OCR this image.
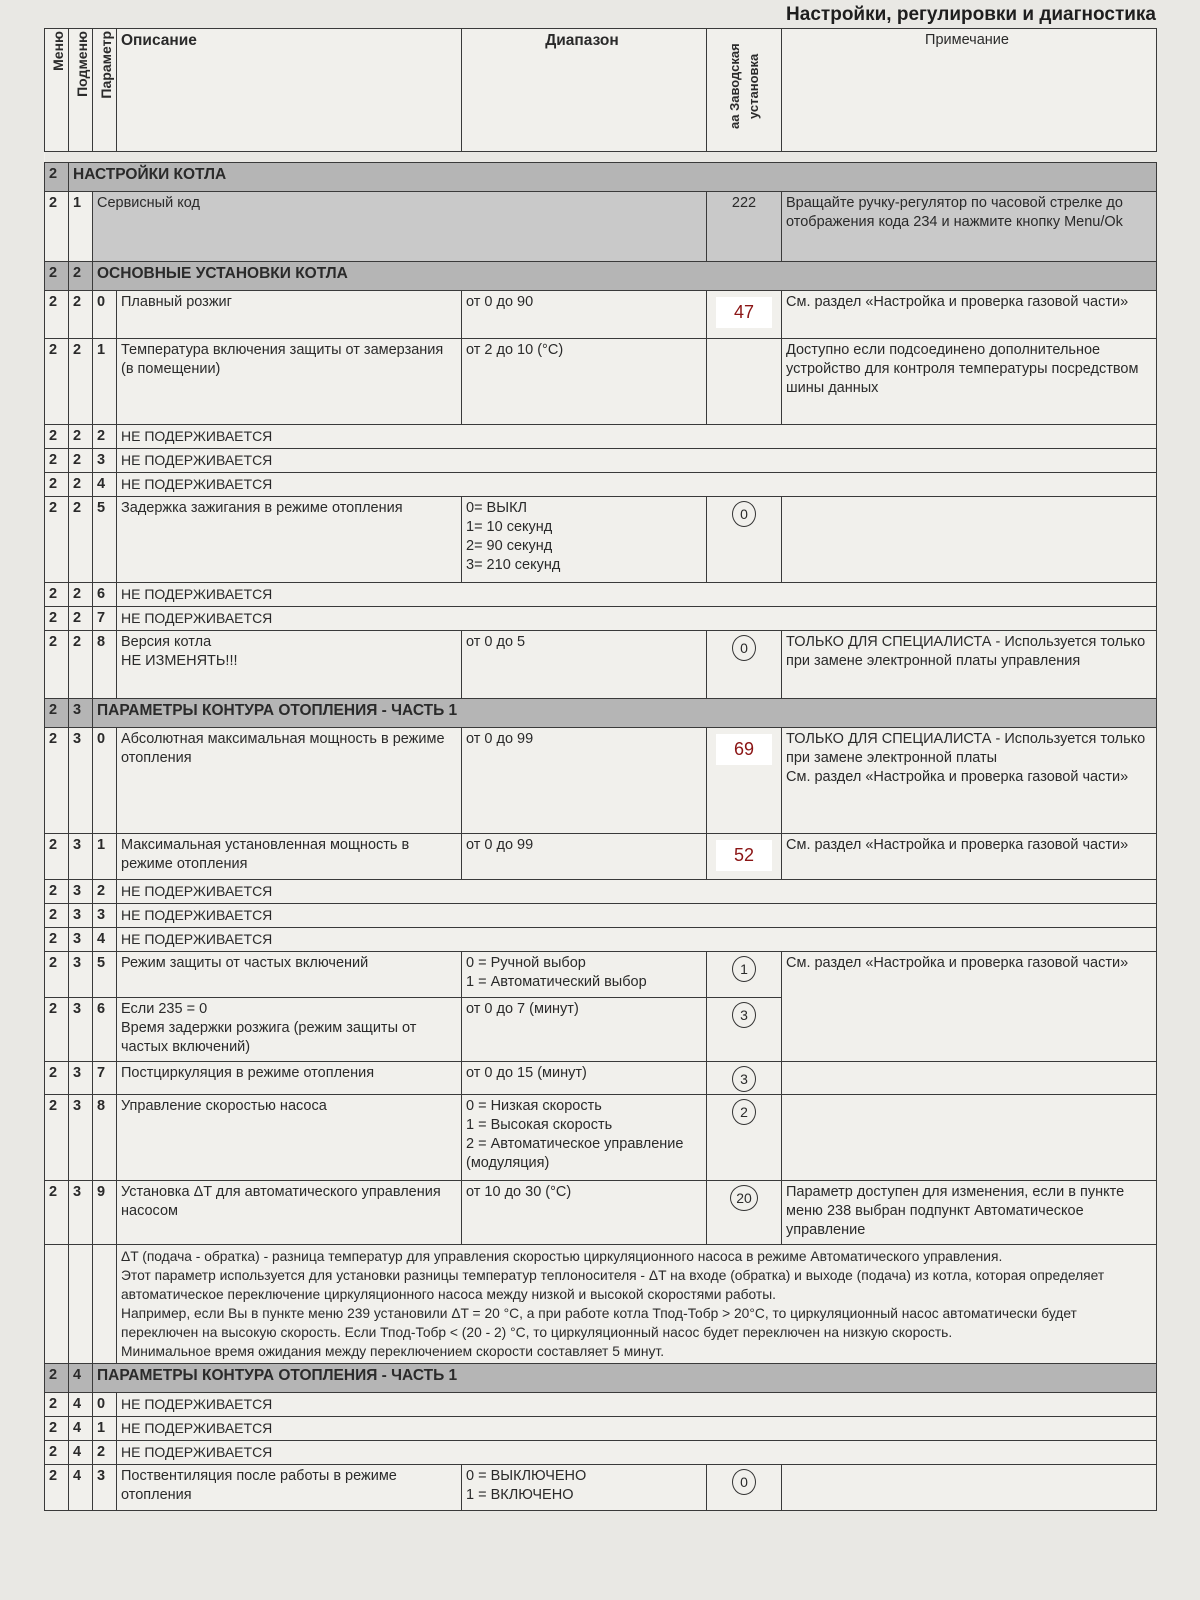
Настройки, регулировки и диагностика
Меню	Подменю	Параметр	Описание	Диапазон	аа Заводская установка	Примечание

2	НАСТРОЙКИ КОТЛА					
2	1	Сервисный код			222	Вращайте ручку-регулятор по часовой стрелке до отображения кода 234 и нажмите кнопку Menu/Ok
2	2	ОСНОВНЫЕ УСТАНОВКИ КОТЛА				
2	2	0	Плавный розжиг	от 0 до 90	47	См. раздел «Настройка и проверка газовой части»
2	2	1	Температура включения защиты от замерзания (в помещении)	от 2 до 10 (°C)		Доступно если подсоединено дополнительное устройство для контроля температуры посредством шины данных
2	2	2	НЕ ПОДЕРЖИВАЕТСЯ			
2	2	3	НЕ ПОДЕРЖИВАЕТСЯ			
2	2	4	НЕ ПОДЕРЖИВАЕТСЯ			
2	2	5	Задержка зажигания в режиме отопления	0= ВЫКЛ
1= 10 секунд
2= 90 секунд
3= 210 секунд	0	
2	2	6	НЕ ПОДЕРЖИВАЕТСЯ			
2	2	7	НЕ ПОДЕРЖИВАЕТСЯ			
2	2	8	Версия котла
НЕ ИЗМЕНЯТЬ!!!	от 0 до 5	0	ТОЛЬКО ДЛЯ СПЕЦИАЛИСТА - Используется только при замене электронной платы управления
2	3	ПАРАМЕТРЫ КОНТУРА ОТОПЛЕНИЯ - ЧАСТЬ 1				
2	3	0	Абсолютная максимальная мощность в режиме отопления	от 0 до 99	69	ТОЛЬКО ДЛЯ СПЕЦИАЛИСТА - Используется только при замене электронной платы
См. раздел «Настройка и проверка газовой части»
2	3	1	Максимальная установленная мощность в режиме отопления	от 0 до 99	52	См. раздел «Настройка и проверка газовой части»
2	3	2	НЕ ПОДЕРЖИВАЕТСЯ			
2	3	3	НЕ ПОДЕРЖИВАЕТСЯ			
2	3	4	НЕ ПОДЕРЖИВАЕТСЯ			
2	3	5	Режим защиты от частых включений	0 = Ручной выбор
1 = Автоматический выбор	1	См. раздел «Настройка и проверка газовой части»
2	3	6	Если 235 = 0
Время задержки розжига (режим защиты от частых включений)	от 0 до 7 (минут)	3	
2	3	7	Постциркуляция в режиме отопления	от 0 до 15 (минут)	3	
2	3	8	Управление скоростью насоса	0 = Низкая скорость
1 = Высокая скорость
2 = Автоматическое управление
(модуляция)	2	
2	3	9	Установка ΔT для автоматического управления насосом	от 10 до 30 (°C)	20	Параметр доступен для изменения, если в пункте меню 238 выбран подпункт Автоматическое управление
			ΔT (подача - обратка) - разница температур для управления скоростью циркуляционного насоса в режиме Автоматического управления.
Этот параметр используется для установки разницы температур теплоносителя - ΔT на входе (обратка) и выходе (подача) из котла, которая определяет автоматическое переключение циркуляционного насоса между низкой и высокой скоростями работы.
Например, если Вы в пункте меню 239 установили ΔT = 20 °C, а при работе котла Тпод-Тобр > 20°C, то циркуляционный насос автоматически будет переключен на высокую скорость. Если Тпод-Тобр < (20 - 2) °C, то циркуляционный насос будет переключен на низкую скорость.
Минимальное время ожидания между переключением скорости составляет 5 минут.			
2	4	ПАРАМЕТРЫ КОНТУРА ОТОПЛЕНИЯ - ЧАСТЬ 1				
2	4	0	НЕ ПОДЕРЖИВАЕТСЯ			
2	4	1	НЕ ПОДЕРЖИВАЕТСЯ			
2	4	2	НЕ ПОДЕРЖИВАЕТСЯ			
2	4	3	Поствентиляция после работы в режиме отопления	0 = ВЫКЛЮЧЕНО
1 = ВКЛЮЧЕНО	0	
